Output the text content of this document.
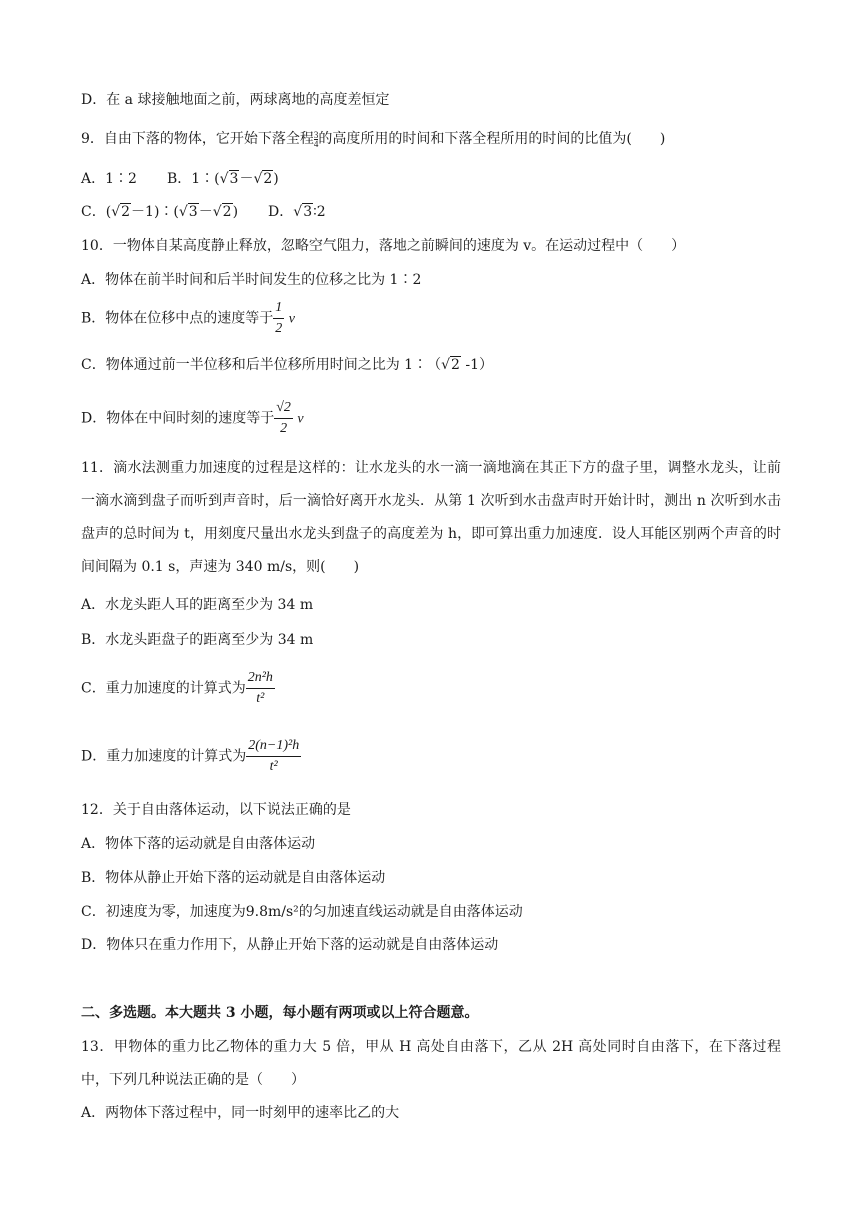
D．在 a 球接触地面之前，两球离地的高度差恒定
9．自由下落的物体，它开始下落全程 $\frac{3}{4}$的高度所用的时间和下落全程所用的时间的比值为(　　)
A．1∶2 B．1∶(√3－√2)
C．(√2－1)∶(√3－√2) D．√3∶2
10．一物体自某高度静止释放，忽略空气阻力，落地之前瞬间的速度为 v。在运动过程中（　　）
A．物体在前半时间和后半时间发生的位移之比为 1∶2
B．物体在位移中点的速度等于 $\frac{1}{2}$ v
C．物体通过前一半位移和后半位移所用时间之比为 1∶（√2 -1）
D．物体在中间时刻的速度等于 $\frac{√2}{2}$ v
11．滴水法测重力加速度的过程是这样的：让水龙头的水一滴一滴地滴在其正下方的盘子里，调整水龙头，让前一滴水滴到盘子而听到声音时，后一滴恰好离开水龙头．从第 1 次听到水击盘声时开始计时，测出 n 次听到水击盘声的总时间为 t，用刻度尺量出水龙头到盘子的高度差为 h，即可算出重力加速度．设人耳能区别两个声音的时间间隔为 0.1 s，声速为 340 m/s，则(　　)
A．水龙头距人耳的距离至少为 34 m
B．水龙头距盘子的距离至少为 34 m
C．重力加速度的计算式为 $\frac{\text{2n²h}}{\text{t²}}$
D．重力加速度的计算式为 $\frac{\text{2(n−1)²h}}{\text{t²}}$
12．关于自由落体运动，以下说法正确的是
A．物体下落的运动就是自由落体运动
B．物体从静止开始下落的运动就是自由落体运动
C．初速度为零，加速度为9.8m/s²的匀加速直线运动就是自由落体运动
D．物体只在重力作用下，从静止开始下落的运动就是自由落体运动
二、多选题。本大题共 3 小题，每小题有两项或以上符合题意。
13．甲物体的重力比乙物体的重力大 5 倍，甲从 H 高处自由落下，乙从 2H 高处同时自由落下，在下落过程中，下列几种说法正确的是（　　）
A．两物体下落过程中，同一时刻甲的速率比乙的大
